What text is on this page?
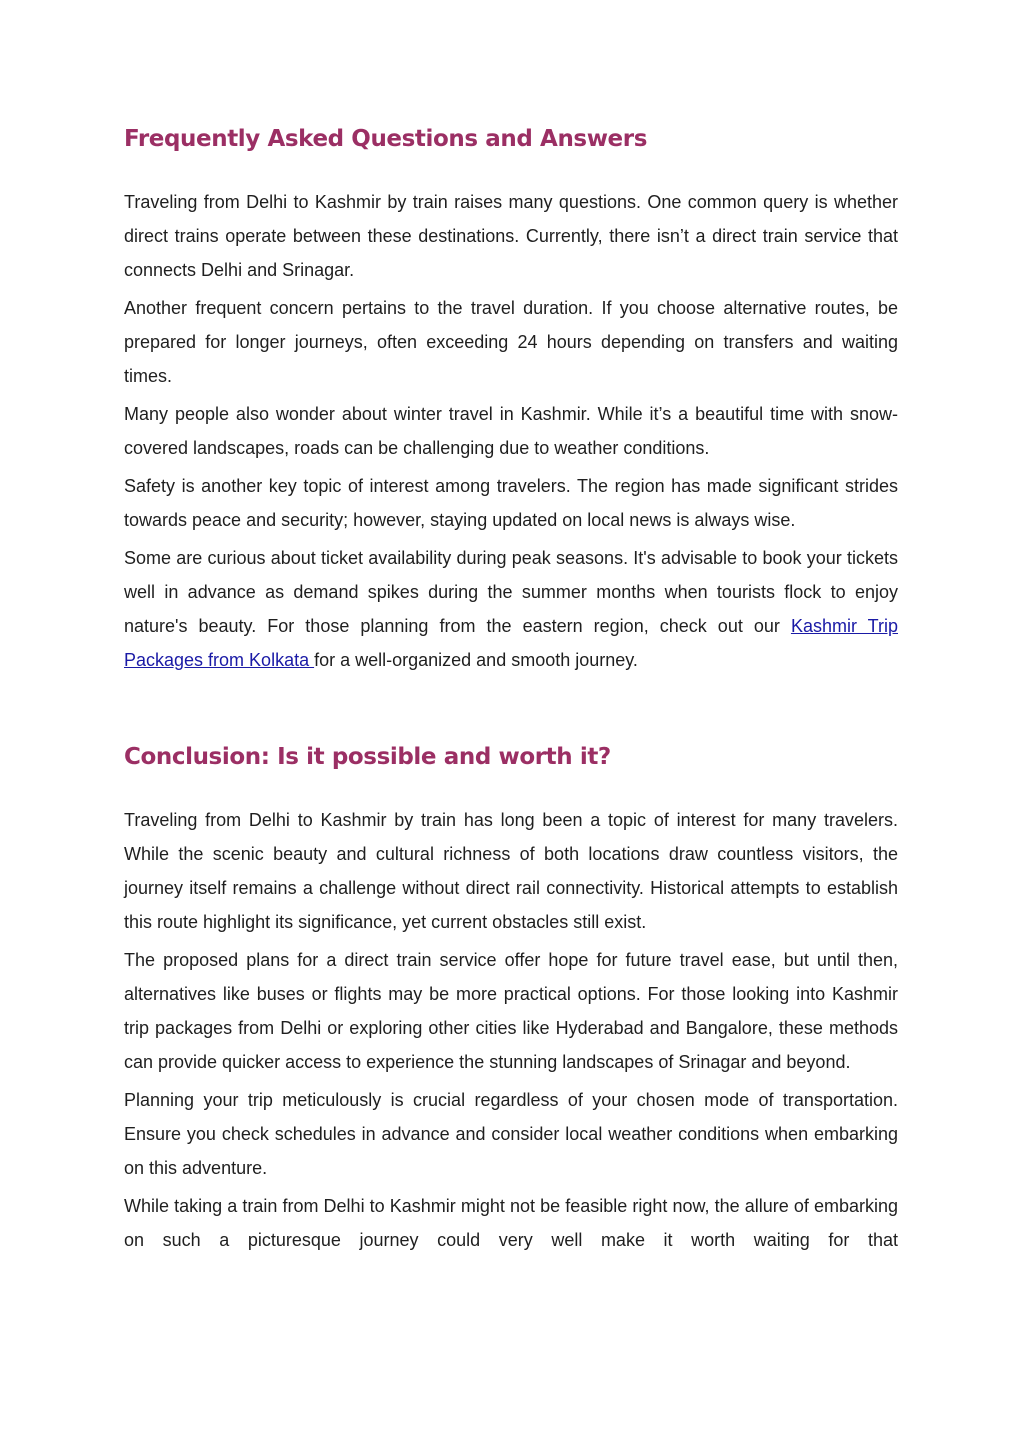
Frequently Asked Questions and Answers

Traveling from Delhi to Kashmir by train raises many questions. One common query is whether direct trains operate between these destinations. Currently, there isn’t a direct train service that connects Delhi and Srinagar.

Another frequent concern pertains to the travel duration. If you choose alternative routes, be prepared for longer journeys, often exceeding 24 hours depending on transfers and waiting times.

Many people also wonder about winter travel in Kashmir. While it’s a beautiful time with snow-covered landscapes, roads can be challenging due to weather conditions.

Safety is another key topic of interest among travelers. The region has made significant strides towards peace and security; however, staying updated on local news is always wise.

Some are curious about ticket availability during peak seasons. It's advisable to book your tickets well in advance as demand spikes during the summer months when tourists flock to enjoy nature's beauty. For those planning from the eastern region, check out our Kashmir Trip Packages from Kolkata for a well-organized and smooth journey.

Conclusion: Is it possible and worth it?

Traveling from Delhi to Kashmir by train has long been a topic of interest for many travelers. While the scenic beauty and cultural richness of both locations draw countless visitors, the journey itself remains a challenge without direct rail connectivity. Historical attempts to establish this route highlight its significance, yet current obstacles still exist.

The proposed plans for a direct train service offer hope for future travel ease, but until then, alternatives like buses or flights may be more practical options. For those looking into Kashmir trip packages from Delhi or exploring other cities like Hyderabad and Bangalore, these methods can provide quicker access to experience the stunning landscapes of Srinagar and beyond.

Planning your trip meticulously is crucial regardless of your chosen mode of transportation. Ensure you check schedules in advance and consider local weather conditions when embarking on this adventure.

While taking a train from Delhi to Kashmir might not be feasible right now, the allure of embarking on such a picturesque journey could very well make it worth waiting for that
